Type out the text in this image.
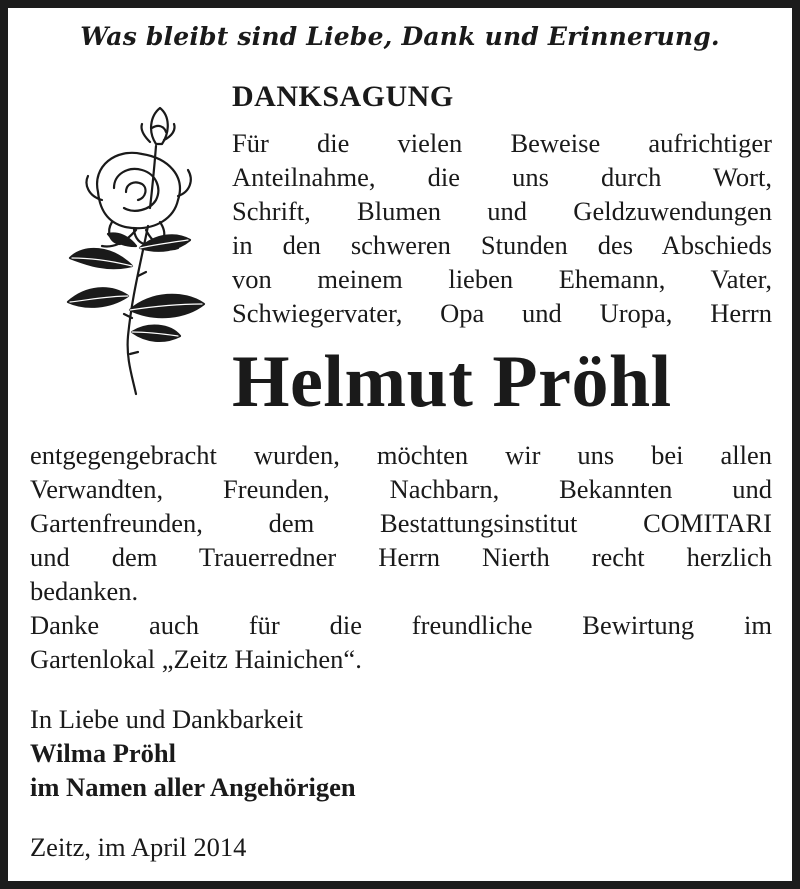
Was bleibt sind Liebe, Dank und Erinnerung.
DANKSAGUNG
Für die vielen Beweise aufrichtiger
Anteilnahme, die uns durch Wort,
Schrift, Blumen und Geldzuwendungen
in den schweren Stunden des Abschieds
von meinem lieben Ehemann, Vater,
Schwiegervater, Opa und Uropa, Herrn
Helmut Pröhl
entgegengebracht wurden, möchten wir uns bei allen
Verwandten, Freunden, Nachbarn, Bekannten und
Gartenfreunden, dem Bestattungsinstitut COMITARI
und dem Trauerredner Herrn Nierth recht herzlich
bedanken.
Danke auch für die freundliche Bewirtung im
Gartenlokal „Zeitz Hainichen“.
In Liebe und Dankbarkeit
Wilma Pröhl
im Namen aller Angehörigen
Zeitz, im April 2014
